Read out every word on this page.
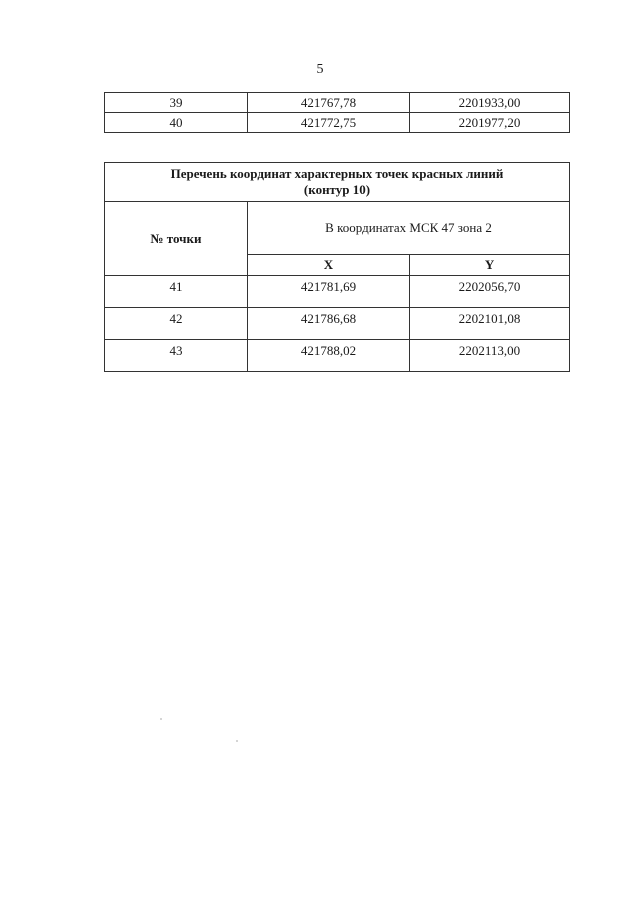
5
39	421767,78	2201933,00
40	421772,75	2201977,20
Перечень координат характерных точек красных линий
(контур 10)		
№ точки	В координатах МСК 47 зона 2	
	X	Y
41	421781,69	2202056,70
42	421786,68	2202101,08
43	421788,02	2202113,00
